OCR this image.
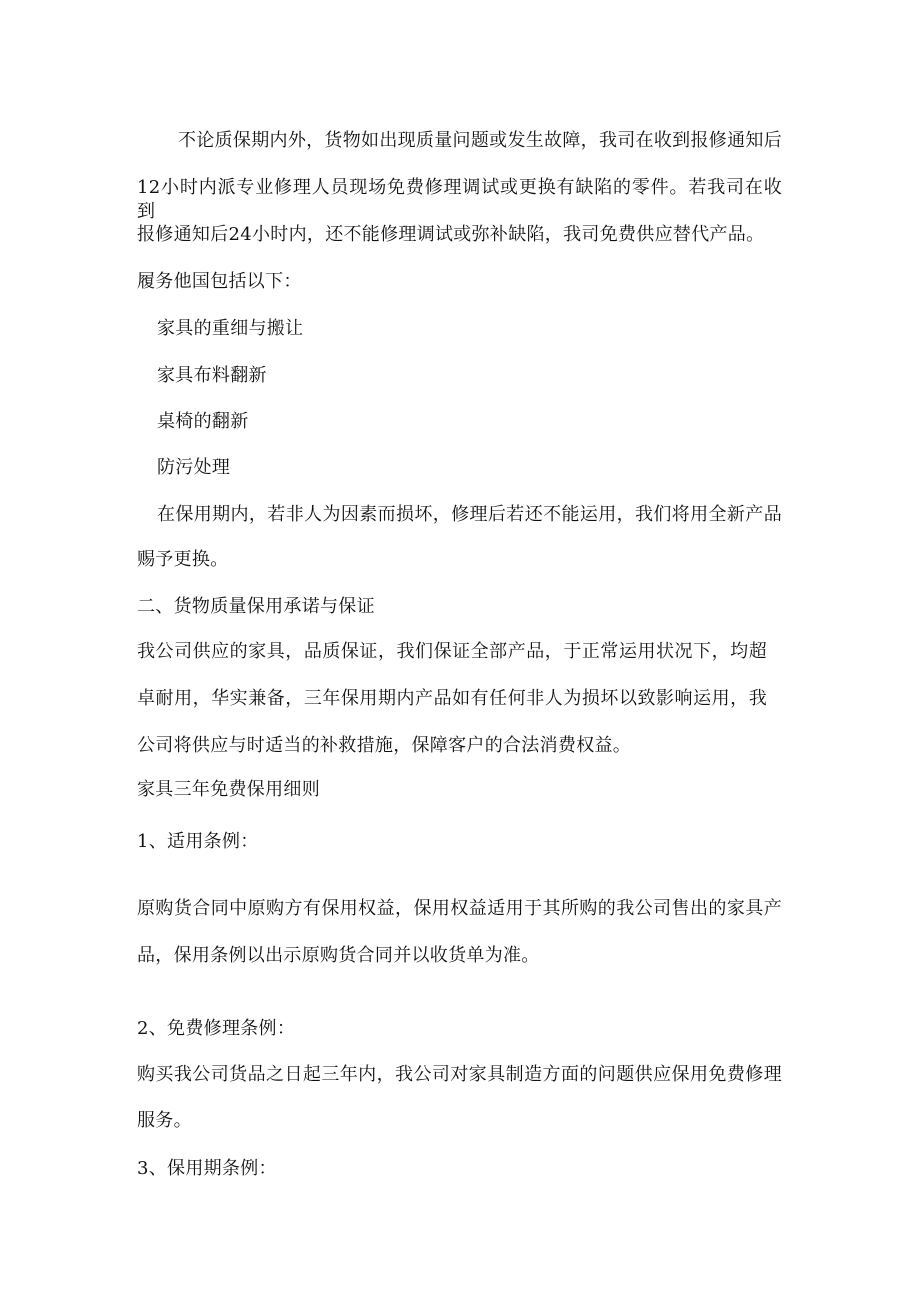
不论质保期内外，货物如出现质量问题或发生故障，我司在收到报修通知后
12小时内派专业修理人员现场免费修理调试或更换有缺陷的零件。若我司在收到
报修通知后24小时内，还不能修理调试或弥补缺陷，我司免费供应替代产品。
履务他国包括以下：
家具的重细与搬让
家具布料翻新
桌椅的翻新
防污处理
在保用期内，若非人为因素而损坏，修理后若还不能运用，我们将用全新产品
赐予更换。
二、货物质量保用承诺与保证
我公司供应的家具，品质保证，我们保证全部产品，于正常运用状况下，均超
卓耐用，华实兼备，三年保用期内产品如有任何非人为损坏以致影响运用，我
公司将供应与时适当的补救措施，保障客户的合法消费权益。
家具三年免费保用细则
1、适用条例：
原购货合同中原购方有保用权益，保用权益适用于其所购的我公司售出的家具产
品，保用条例以出示原购货合同并以收货单为准。
2、免费修理条例：
购买我公司货品之日起三年内，我公司对家具制造方面的问题供应保用免费修理
服务。
3、保用期条例：
